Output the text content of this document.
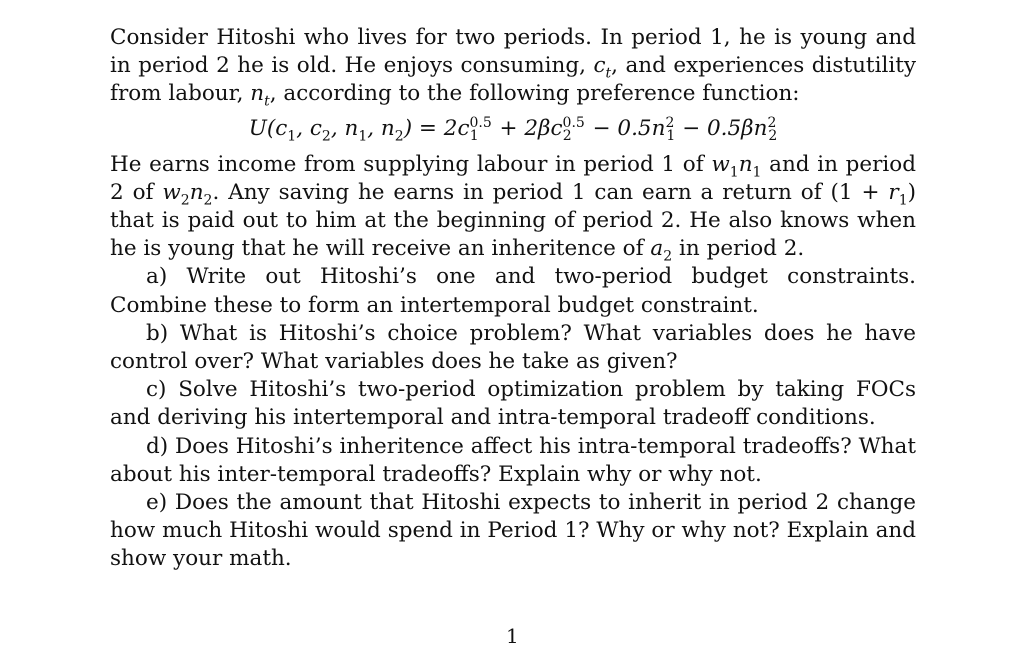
Consider Hitoshi who lives for two periods. In period 1, he is young and in period 2 he is old. He enjoys consuming, $c_t$, and experiences distutility from labour, $n_t$, according to the following preference function:

$U(c_1$, $c_2$, $n_1$, $n_2) = 2c^{0.5}_1 + 2\beta c^{0.5}_2 - 0.5n^2_1 - 0.5\beta n^2_2$

He earns income from supplying labour in period 1 of $w_1n_1$ and in period 2 of $w_2n_2$. Any saving he earns in period 1 can earn a return of $(1 + r_1)$ that is paid out to him at the beginning of period 2. He also knows when he is young that he will receive an inheritence of $a_2$ in period 2.

a) Write out Hitoshi’s one and two-period budget constraints. Combine these to form an intertemporal budget constraint.

b) What is Hitoshi’s choice problem? What variables does he have control over? What variables does he take as given?

c) Solve Hitoshi’s two-period optimization problem by taking FOCs and deriving his intertemporal and intra-temporal tradeoff conditions.

d) Does Hitoshi’s inheritence affect his intra-temporal tradeoffs? What about his inter-temporal tradeoffs? Explain why or why not.

e) Does the amount that Hitoshi expects to inherit in period 2 change how much Hitoshi would spend in Period 1? Why or why not? Explain and show your math.

1
